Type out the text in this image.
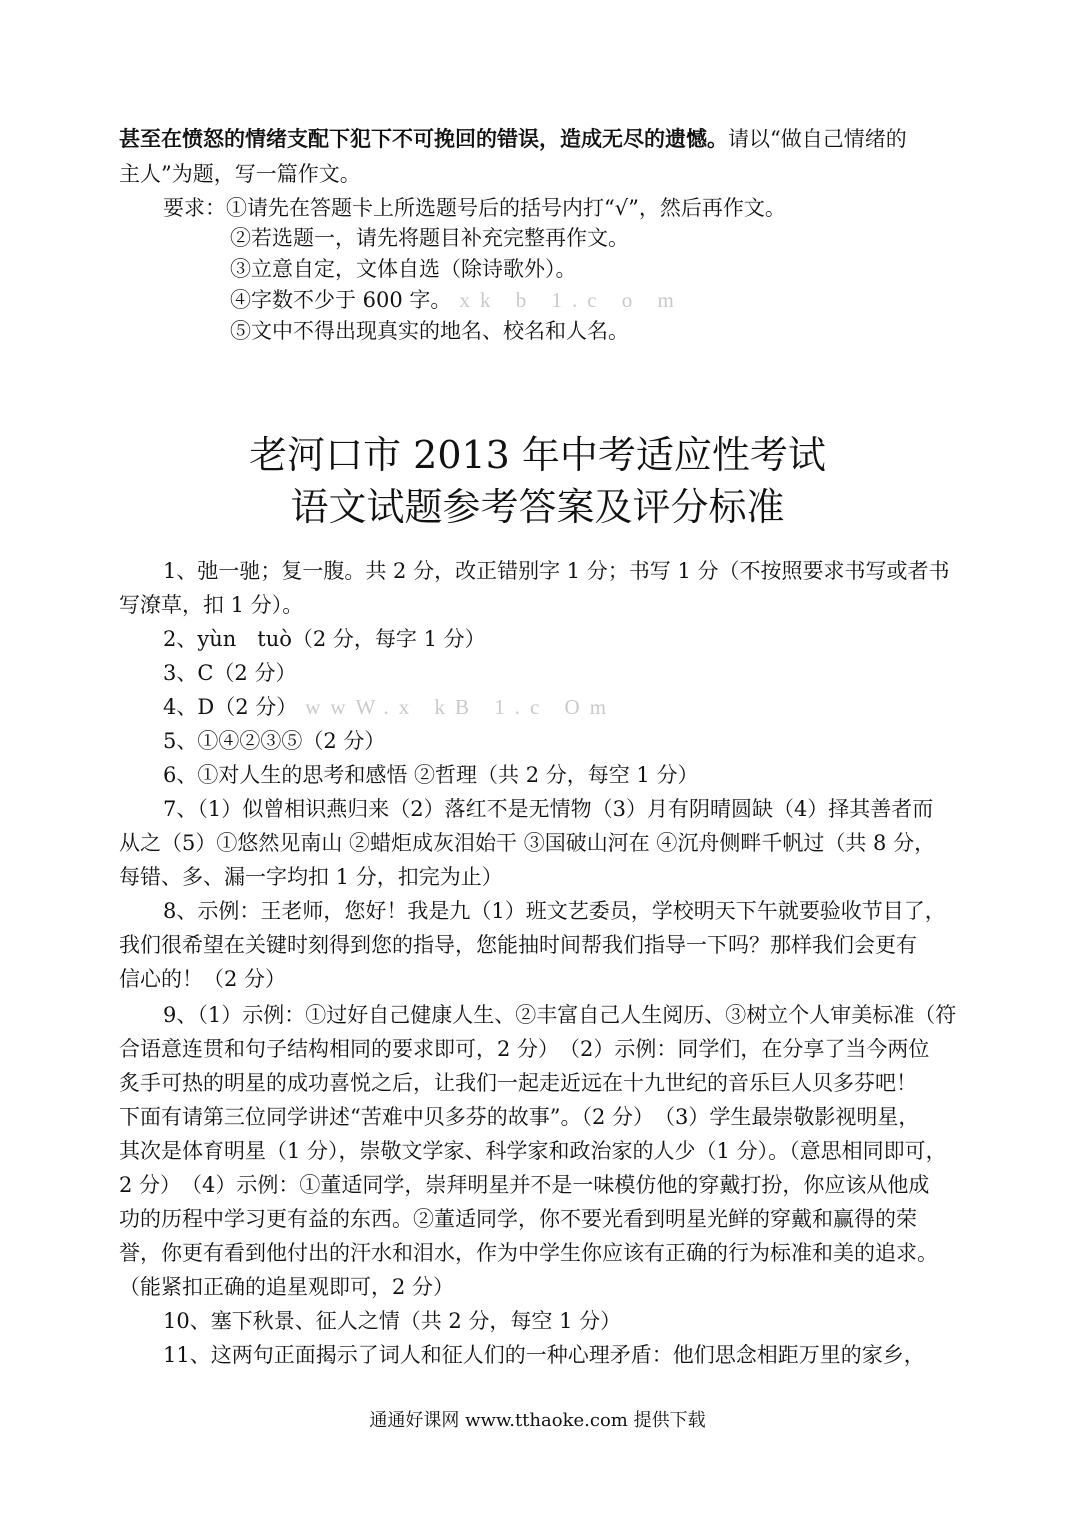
甚至在愤怒的情绪支配下犯下不可挽回的错误，造成无尽的遗憾。请以“做自己情绪的
主人”为题，写一篇作文。
要求：①请先在答题卡上所选题号后的括号内打“√”，然后再作文。
②若选题一，请先将题目补充完整再作文。
③立意自定，文体自选（除诗歌外）。
④字数不少于 600 字。 xk b 1.c o m
⑤文中不得出现真实的地名、校名和人名。
老河口市 2013 年中考适应性考试
语文试题参考答案及评分标准
1、弛一驰；复一腹。共 2 分，改正错别字 1 分；书写 1 分（不按照要求书写或者书
写潦草，扣 1 分）。
2、yùn　tuò（2 分，每字 1 分）
3、C（2 分）
4、D（2 分） wwW.x kB 1.c Om
5、①④②③⑤（2 分）
6、①对人生的思考和感悟 ②哲理（共 2 分，每空 1 分）
7、（1）似曾相识燕归来（2）落红不是无情物（3）月有阴晴圆缺（4）择其善者而
从之（5）①悠然见南山 ②蜡炬成灰泪始干 ③国破山河在 ④沉舟侧畔千帆过（共 8 分，
每错、多、漏一字均扣 1 分，扣完为止）
8、示例：王老师，您好！我是九（1）班文艺委员，学校明天下午就要验收节目了，
我们很希望在关键时刻得到您的指导，您能抽时间帮我们指导一下吗？那样我们会更有
信心的！（2 分）
9、（1）示例：①过好自己健康人生、②丰富自己人生阅历、③树立个人审美标准（符
合语意连贯和句子结构相同的要求即可，2 分）　（2）示例：同学们，在分享了当今两位
炙手可热的明星的成功喜悦之后，让我们一起走近远在十九世纪的音乐巨人贝多芬吧！
下面有请第三位同学讲述“苦难中贝多芬的故事”。（2 分）　（3）学生最崇敬影视明星，
其次是体育明星（1 分），崇敬文学家、科学家和政治家的人少（1 分）。（意思相同即可，
2 分）　（4）示例：①董适同学，崇拜明星并不是一味模仿他的穿戴打扮，你应该从他成
功的历程中学习更有益的东西。②董适同学，你不要光看到明星光鲜的穿戴和赢得的荣
誉，你更有看到他付出的汗水和泪水，作为中学生你应该有正确的行为标准和美的追求。
（能紧扣正确的追星观即可，2 分）
10、塞下秋景、征人之情（共 2 分，每空 1 分）
11、这两句正面揭示了词人和征人们的一种心理矛盾：他们思念相距万里的家乡，
通通好课网 www.tthaoke.com 提供下载
